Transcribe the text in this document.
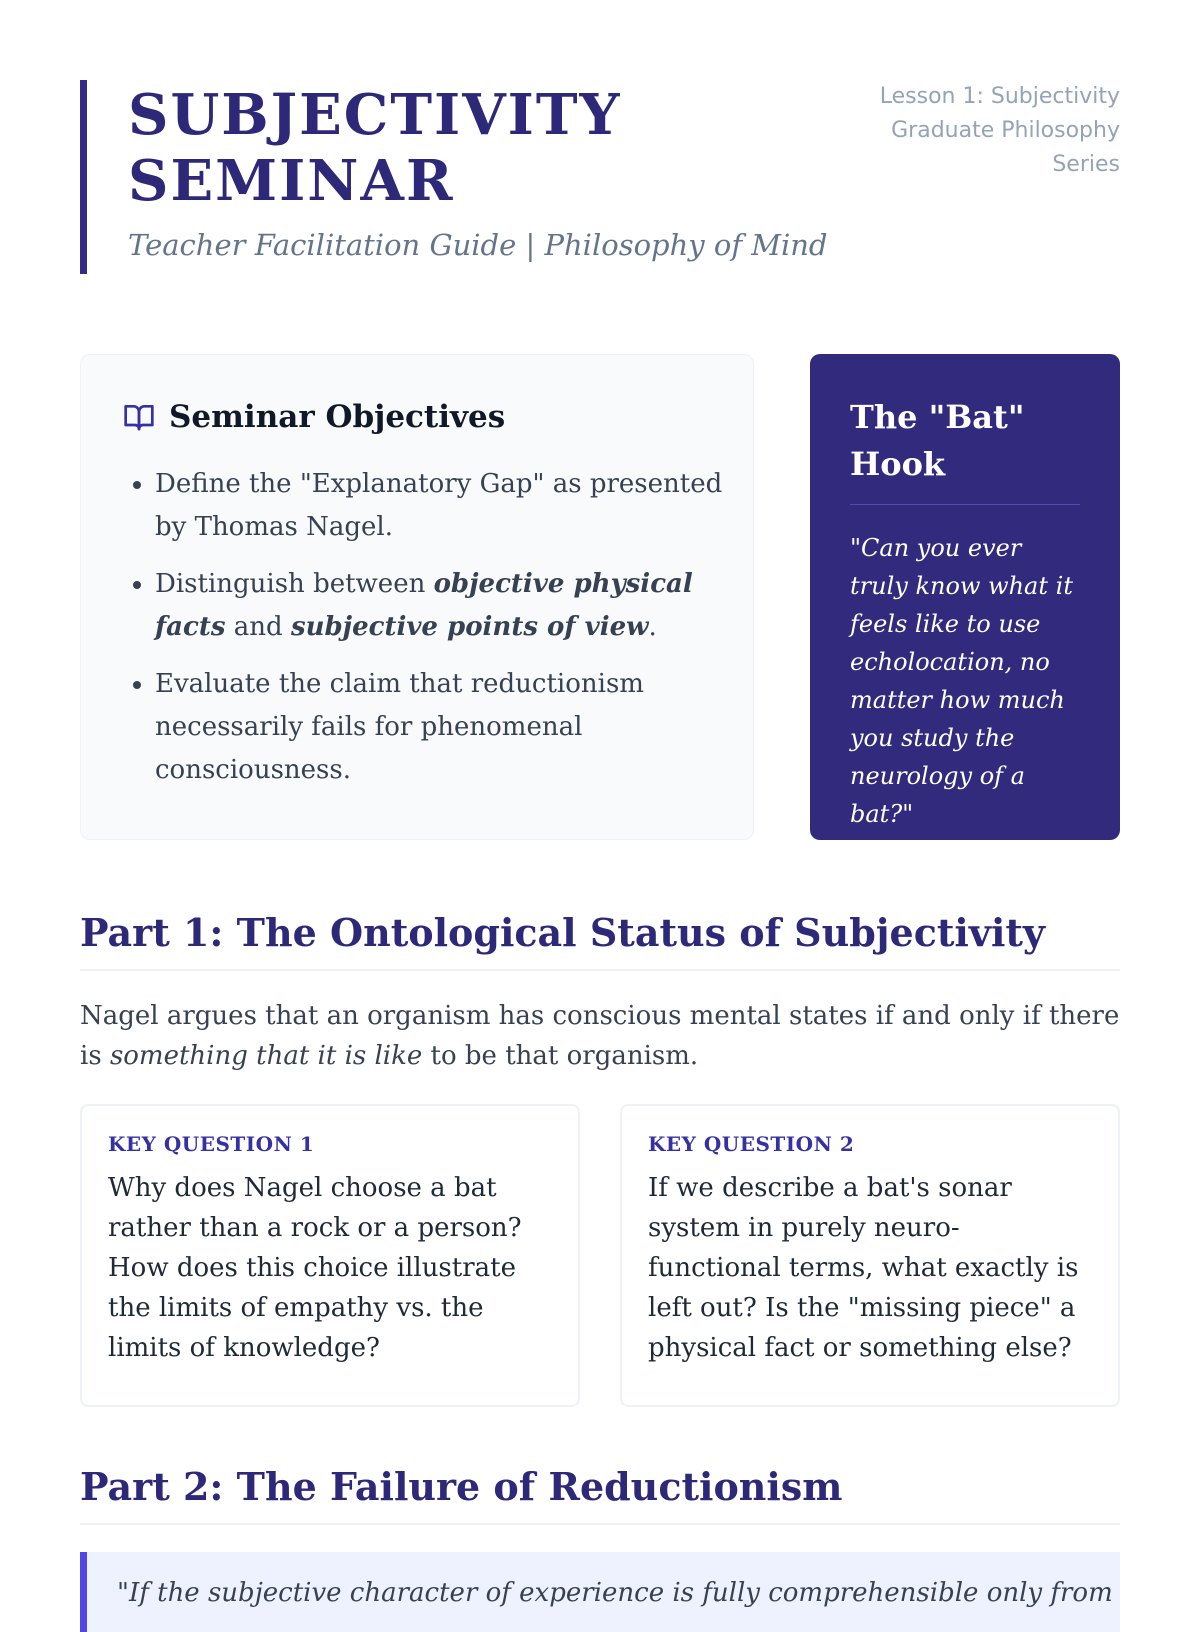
SUBJECTIVITY
SEMINAR

Teacher Facilitation Guide | Philosophy of Mind

Lesson 1: Subjectivity
Graduate Philosophy
Series
Seminar Objectives
• Define the "Explanatory Gap" as presented by Thomas Nagel.
• Distinguish between objective physical facts and subjective points of view.
• Evaluate the claim that reductionism necessarily fails for phenomenal consciousness.
The "Bat" Hook

"Can you ever truly know what it feels like to use echolocation, no matter how much you study the neurology of a bat?"

Part 1: The Ontological Status of Subjectivity

Nagel argues that an organism has conscious mental states if and only if there is something that it is like to be that organism.

KEY QUESTION 1

Why does Nagel choose a bat rather than a rock or a person? How does this choice illustrate the limits of empathy vs. the limits of knowledge?

KEY QUESTION 2

If we describe a bat's sonar system in purely neuro-functional terms, what exactly is left out? Is the "missing piece" a physical fact or something else?

Part 2: The Failure of Reductionism

"If the subjective character of experience is fully comprehensible only from
